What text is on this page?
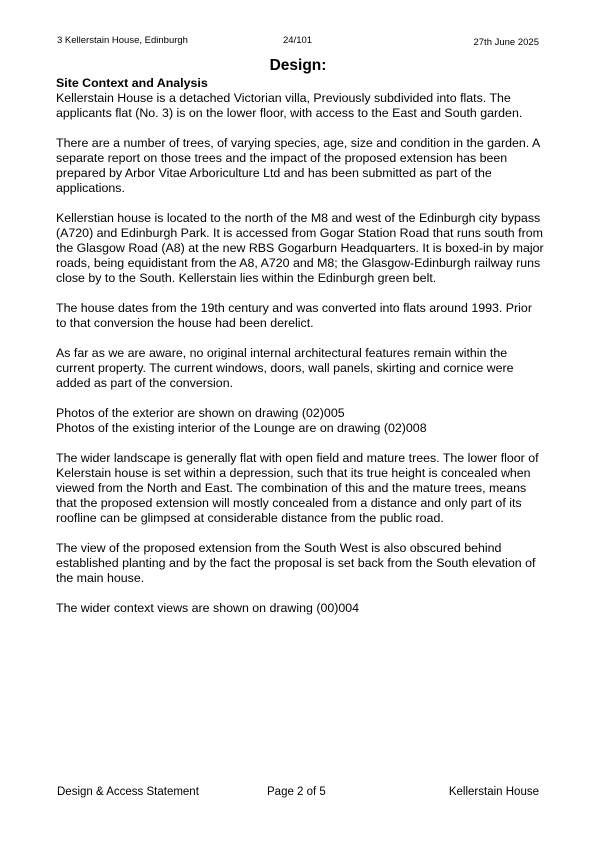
3 Kellerstain House, Edinburgh	24/101	27th June 2025
Design:
Site Context and Analysis

Kellerstain House is a detached Victorian villa, Previously subdivided into flats. The applicants flat (No. 3) is on the lower floor, with access to the East and South garden.

There are a number of trees, of varying species, age, size and condition in the garden. A separate report on those trees and the impact of the proposed extension has been prepared by Arbor Vitae Arboriculture Ltd and has been submitted as part of the applications.

Kellerstian house is located to the north of the M8 and west of the Edinburgh city bypass (A720) and Edinburgh Park. It is accessed from Gogar Station Road that runs south from the Glasgow Road (A8) at the new RBS Gogarburn Headquarters. It is boxed-in by major roads, being equidistant from the A8, A720 and M8; the Glasgow-Edinburgh railway runs close by to the South. Kellerstain lies within the Edinburgh green belt.

The house dates from the 19th century and was converted into flats around 1993. Prior to that conversion the house had been derelict.

As far as we are aware, no original internal architectural features remain within the current property. The current windows, doors, wall panels, skirting and cornice were added as part of the conversion.

Photos of the exterior are shown on drawing (02)005

Photos of the existing interior of the Lounge are on drawing (02)008

The wider landscape is generally flat with open field and mature trees. The lower floor of Kelerstain house is set within a depression, such that its true height is concealed when viewed from the North and East. The combination of this and the mature trees, means that the proposed extension will mostly concealed from a distance and only part of its roofline can be glimpsed at considerable distance from the public road.

The view of the proposed extension from the South West is also obscured behind established planting and by the fact the proposal is set back from the South elevation of the main house.

The wider context views are shown on drawing (00)004

Design & Access Statement	Page 2 of 5	Kellerstain House
